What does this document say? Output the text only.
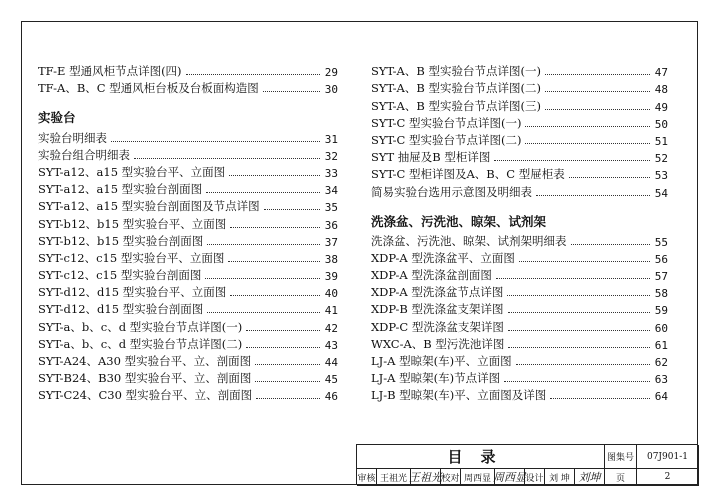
TF-E 型通风柜节点详图(四)	29
TF-A、B、C 型通风柜台板及台板面构造图	30
实验台
实验台明细表	31
实验台组合明细表	32
SYT-a12、a15 型实验台平、立面图	33
SYT-a12、a15 型实验台剖面图	34
SYT-a12、a15 型实验台剖面图及节点详图	35
SYT-b12、b15 型实验台平、立面图	36
SYT-b12、b15 型实验台剖面图	37
SYT-c12、c15 型实验台平、立面图	38
SYT-c12、c15 型实验台剖面图	39
SYT-d12、d15 型实验台平、立面图	40
SYT-d12、d15 型实验台剖面图	41
SYT-a、b、c、d 型实验台节点详图(一)	42
SYT-a、b、c、d 型实验台节点详图(二)	43
SYT-A24、A30 型实验台平、立、剖面图	44
SYT-B24、B30 型实验台平、立、剖面图	45
SYT-C24、C30 型实验台平、立、剖面图	46
SYT-A、B 型实验台节点详图(一)	47
SYT-A、B 型实验台节点详图(二)	48
SYT-A、B 型实验台节点详图(三)	49
SYT-C 型实验台节点详图(一)	50
SYT-C 型实验台节点详图(二)	51
SYT 抽屉及B 型柜详图	52
SYT-C 型柜详图及A、B、C 型屉柜表	53
简易实验台选用示意图及明细表	54
洗涤盆、污洗池、晾架、试剂架
洗涤盆、污洗池、晾架、试剂架明细表	55
XDP-A 型洗涤盆平、立面图	56
XDP-A 型洗涤盆剖面图	57
XDP-A 型洗涤盆节点详图	58
XDP-B 型洗涤盆支架详图	59
XDP-C 型洗涤盆支架详图	60
WXC-A、B 型污洗池详图	61
LJ-A 型晾架(车)平、立面图	62
LJ-A 型晾架(车)节点详图	63
LJ-B 型晾架(车)平、立面图及详图	64
目录	图集号	07J901-1
审核 王祖光 王祖光 校对 周西显 周西显 设计 刘 坤 刘坤	页	2
